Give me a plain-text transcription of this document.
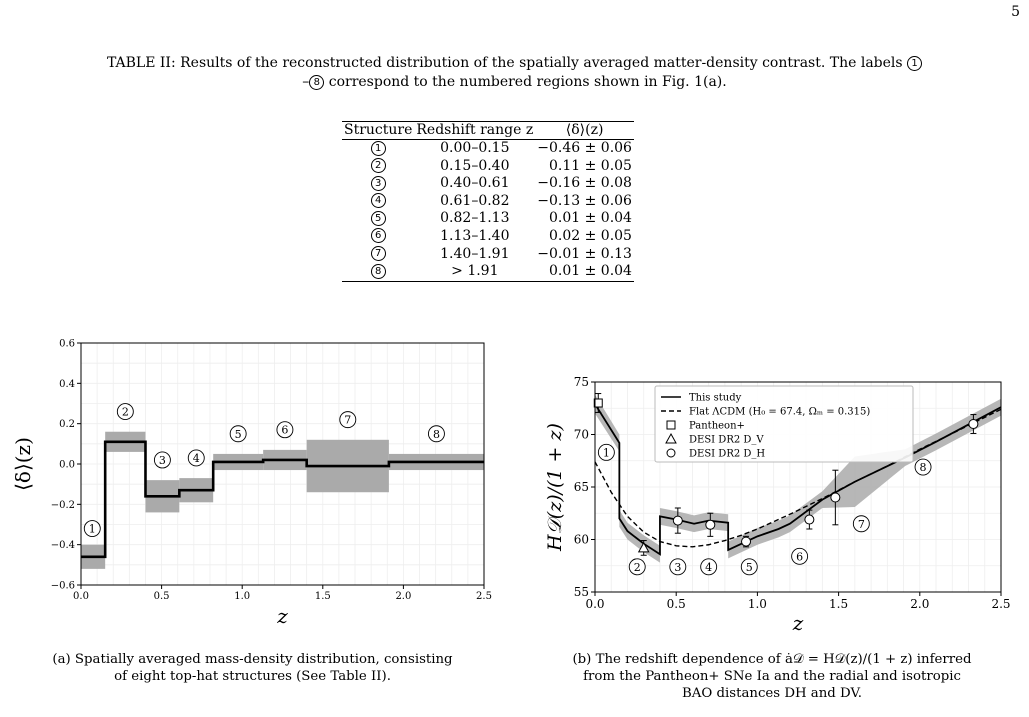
5
TABLE II: Results of the reconstructed distribution of the spatially averaged matter-density contrast. The labels 1
– 8 correspond to the numbered regions shown in Fig. 1(a).
Structure	Redshift range z	⟨δ⟩(z)
1	0.00–0.15	−0.46 ± 0.06
2	0.15–0.40	0.11 ± 0.05
3	0.40–0.61	−0.16 ± 0.08
4	0.61–0.82	−0.13 ± 0.06
5	0.82–1.13	0.01 ± 0.04
6	1.13–1.40	0.02 ± 0.05
7	1.40–1.91	−0.01 ± 0.13
8	> 1.91	0.01 ± 0.04
1
2
3 4
5	6
7
8
0.0	0.5	1.0	1.5	2.0	2.5
−0.6
−0.4
−0.2
0.0
0.2
0.4
0.6
z
⟨δ⟩(z)	1
2	3 4	5
6
7
8
This study
Flat ΛCDM (H₀ = 67.4, Ωₘ = 0.315)
Pantheon+
DESI DR2 D_V
DESI DR2 D_H
0.0	0.5	1.0	1.5	2.0	2.5
55
60
65
70
75
z
H𝒟(z)/(1 + z)
(a) Spatially averaged mass-density distribution, consisting
of eight top-hat structures (See Table II).
(b) The redshift dependence of ȧ𝒟 = H𝒟(z)/(1 + z) inferred
from the Pantheon+ SNe Ia and the radial and isotropic
BAO distances DH and DV.
